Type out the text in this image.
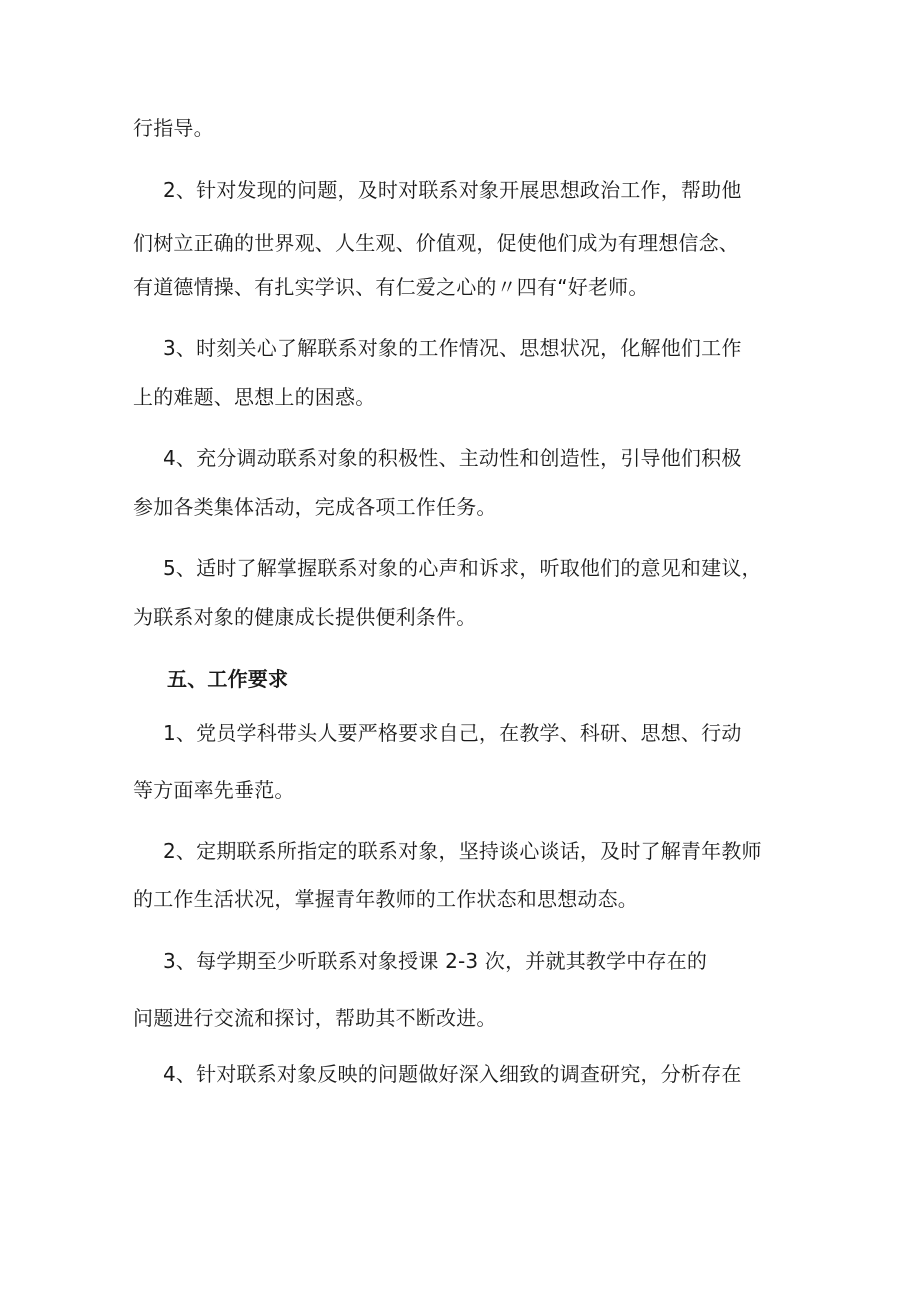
行指导。
2、针对发现的问题，及时对联系对象开展思想政治工作，帮助他
们树立正确的世界观、人生观、价值观，促使他们成为有理想信念、
有道德情操、有扎实学识、有仁爱之心的〃四有“好老师。
3、时刻关心了解联系对象的工作情况、思想状况，化解他们工作
上的难题、思想上的困惑。
4、充分调动联系对象的积极性、主动性和创造性，引导他们积极
参加各类集体活动，完成各项工作任务。
5、适时了解掌握联系对象的心声和诉求，听取他们的意见和建议，
为联系对象的健康成长提供便利条件。
五、工作要求
1、党员学科带头人要严格要求自己，在教学、科研、思想、行动
等方面率先垂范。
2、定期联系所指定的联系对象，坚持谈心谈话，及时了解青年教师
的工作生活状况，掌握青年教师的工作状态和思想动态。
3、每学期至少听联系对象授课 2-3 次，并就其教学中存在的
问题进行交流和探讨，帮助其不断改进。
4、针对联系对象反映的问题做好深入细致的调查研究，分析存在
